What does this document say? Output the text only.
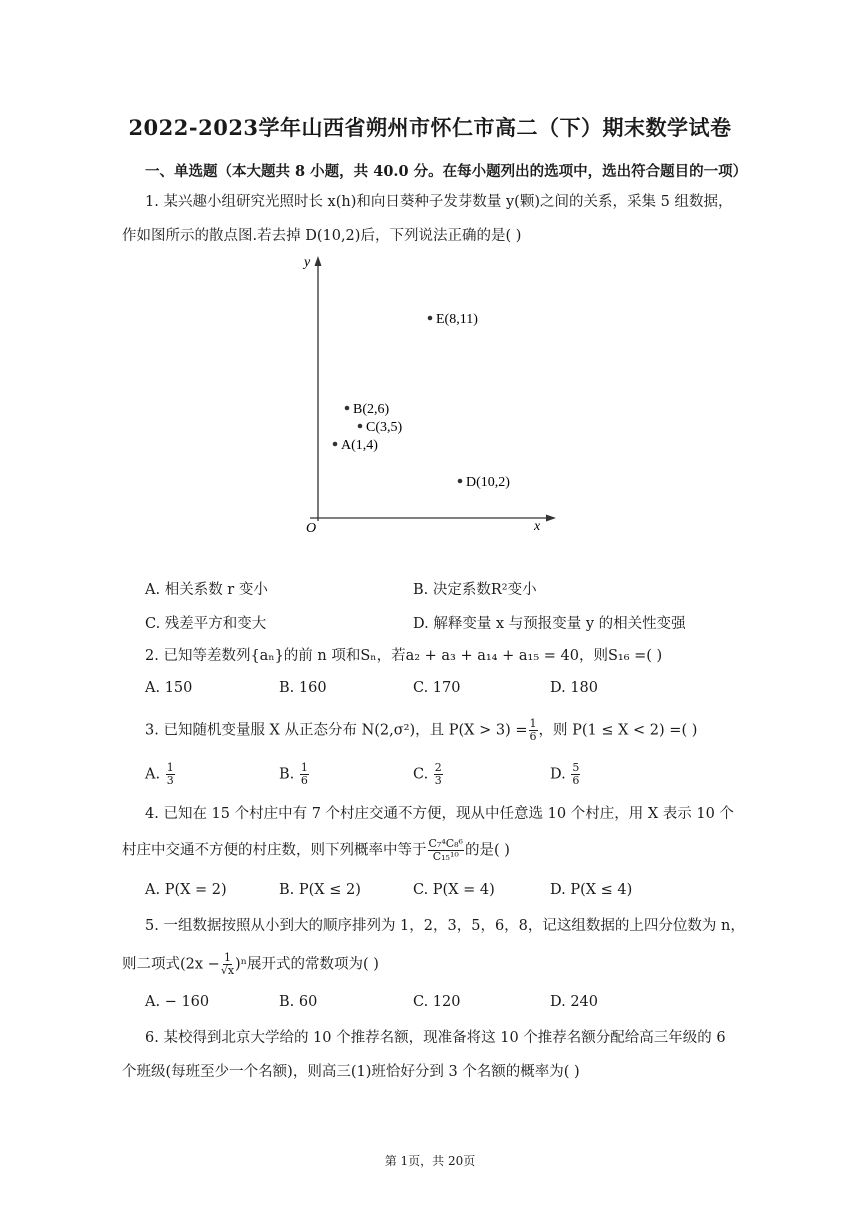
2022-2023学年山西省朔州市怀仁市高二（下）期末数学试卷
一、单选题（本大题共 8 小题，共 40.0 分。在每小题列出的选项中，选出符合题目的一项）
1. 某兴趣小组研究光照时长 x(h)和向日葵种子发芽数量 y(颗)之间的关系，采集 5 组数据，
作如图所示的散点图.若去掉 D(10,2)后，下列说法正确的是( )
y
x
O
E(8,11)
B(2,6)
C(3,5)
A(1,4)
D(10,2)
A. 相关系数 r 变小	B. 决定系数R²变小
C. 残差平方和变大	D. 解释变量 x 与预报变量 y 的相关性变强
2. 已知等差数列{aₙ}的前 n 项和Sₙ，若a₂ + a₃ + a₁₄ + a₁₅ = 40，则S₁₆ =( )
A. 150	B. 160	C. 170	D. 180
3. 已知随机变量服 X 从正态分布 N(2,σ²)，且 $P(X > 3) = \frac{1}{6}$ ，则 P(1 ≤ X < 2) =( )
A. $\frac{1}{3}$	B. $\frac{1}{6}$	C. $\frac{2}{3}$	D. $\frac{5}{6}$
4. 已知在 15 个村庄中有 7 个村庄交通不方便，现从中任意选 10 个村庄，用 X 表示 10 个
村庄中交通不方便的村庄数，则下列概率中等于 $\frac{\text{C₇⁴C₈⁶}}{\text{C₁₅¹⁰}}$ 的是( )
A. P(X = 2)	B. P(X ≤ 2)	C. P(X = 4)	D. P(X ≤ 4)
5. 一组数据按照从小到大的顺序排列为 1，2，3，5，6，8，记这组数据的上四分位数为 n，
则二项式$(2x - \frac{1}{√x} )^n$展开式的常数项为( )
A. − 160	B. 60	C. 120	D. 240
6. 某校得到北京大学给的 10 个推荐名额，现准备将这 10 个推荐名额分配给高三年级的 6
个班级(每班至少一个名额)，则高三(1)班恰好分到 3 个名额的概率为( )
第 1页，共 20页
